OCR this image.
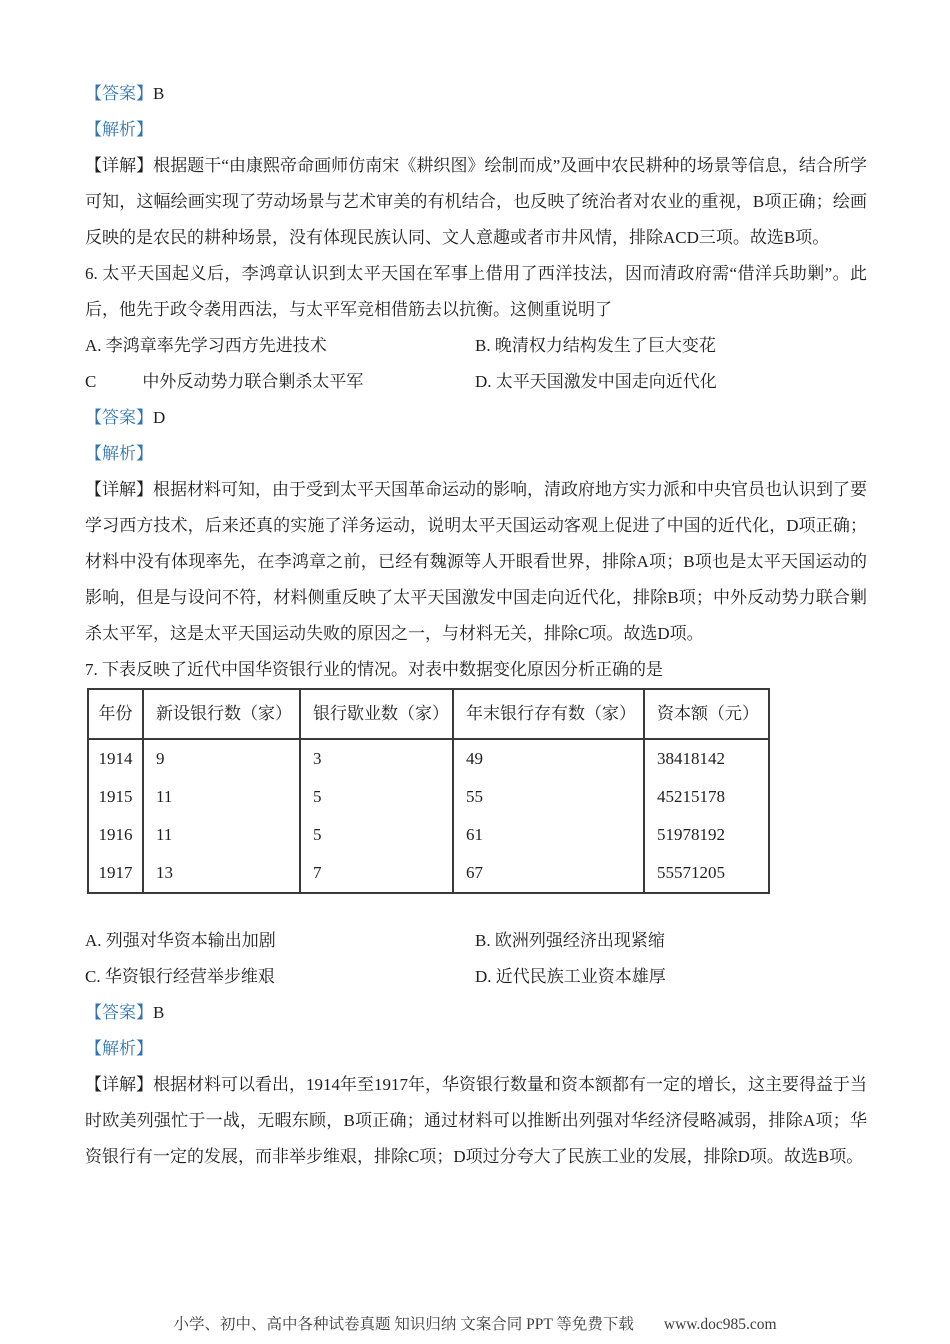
【答案】B

【解析】

【详解】根据题干“由康熙帝命画师仿南宋《耕织图》绘制而成”及画中农民耕种的场景等信息，结合所学可知，这幅绘画实现了劳动场景与艺术审美的有机结合，也反映了统治者对农业的重视，B项正确；绘画反映的是农民的耕种场景，没有体现民族认同、文人意趣或者市井风情，排除ACD三项。故选B项。

6. 太平天国起义后，李鸿章认识到太平天国在军事上借用了西洋技法，因而清政府需“借洋兵助剿”。此后，他先于政令袭用西法，与太平军竞相借筋去以抗衡。这侧重说明了

A. 李鸿章率先学习西方先进技术	B. 晚清权力结构发生了巨大变花
C	中外反动势力联合剿杀太平军	D. 太平天国激发中国走向近代化

【答案】D

【解析】

【详解】根据材料可知，由于受到太平天国革命运动的影响，清政府地方实力派和中央官员也认识到了要学习西方技术，后来还真的实施了洋务运动，说明太平天国运动客观上促进了中国的近代化，D项正确；材料中没有体现率先，在李鸿章之前，已经有魏源等人开眼看世界，排除A项；B项也是太平天国运动的影响，但是与设问不符，材料侧重反映了太平天国激发中国走向近代化，排除B项；中外反动势力联合剿杀太平军，这是太平天国运动失败的原因之一，与材料无关，排除C项。故选D项。

7. 下表反映了近代中国华资银行业的情况。对表中数据变化原因分析正确的是

年份	新设银行数（家）	银行歇业数（家）	年末银行存有数（家）	资本额（元）
1914	9	3	49	38418142
1915	11	5	55	45215178
1916	11	5	61	51978192
1917	13	7	67	55571205
A. 列强对华资本输出加剧	B. 欧洲列强经济出现紧缩
C. 华资银行经营举步维艰	D. 近代民族工业资本雄厚

【答案】B

【解析】

【详解】根据材料可以看出，1914年至1917年，华资银行数量和资本额都有一定的增长，这主要得益于当时欧美列强忙于一战，无暇东顾，B项正确；通过材料可以推断出列强对华经济侵略减弱，排除A项；华资银行有一定的发展，而非举步维艰，排除C项；D项过分夸大了民族工业的发展，排除D项。故选B项。

小学、初中、高中各种试卷真题 知识归纳 文案合同 PPT 等免费下载 www.doc985.com
